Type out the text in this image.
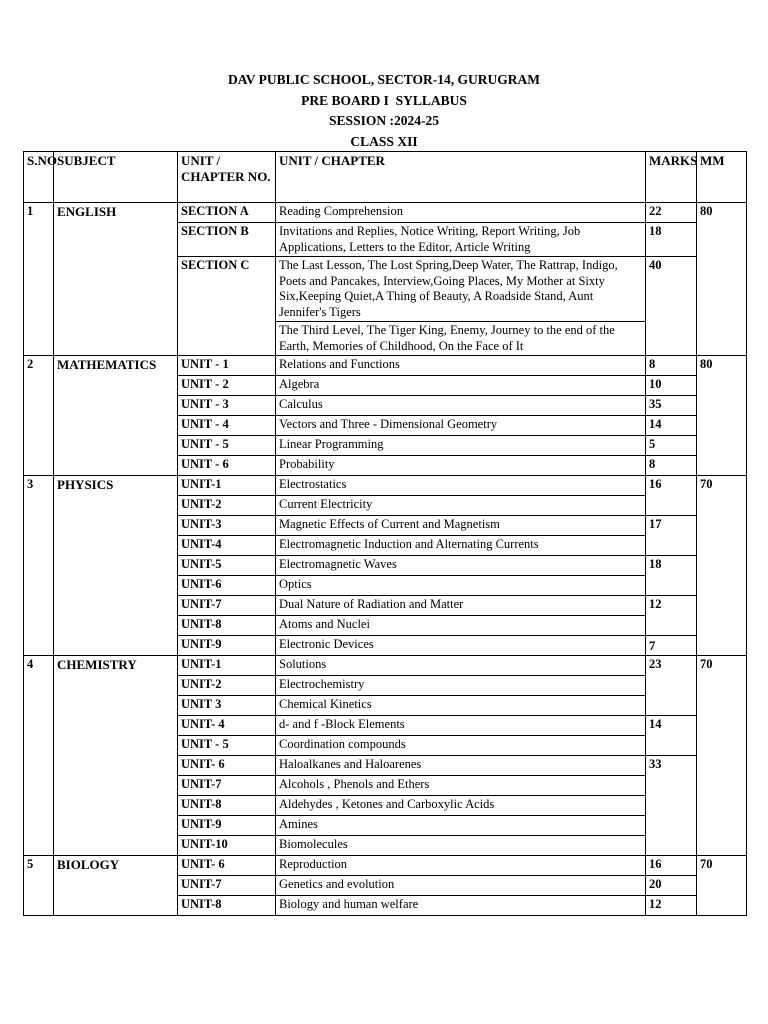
DAV PUBLIC SCHOOL, SECTOR-14, GURUGRAM
PRE BOARD I  SYLLABUS
SESSION :2024-25
CLASS XII
S.NO	SUBJECT	UNIT / CHAPTER NO.	UNIT / CHAPTER	MARKS	MM
1	ENGLISH	SECTION A	Reading Comprehension	22	80
		SECTION B	Invitations and Replies, Notice Writing, Report Writing, Job Applications, Letters to the Editor, Article Writing	18	
		SECTION C	The Last Lesson, The Lost Spring,Deep Water, The Rattrap, Indigo, Poets and Pancakes, Interview,Going Places, My Mother at Sixty Six,Keeping Quiet,A Thing of Beauty, A Roadside Stand, Aunt Jennifer's Tigers	40	
			The Third Level, The Tiger King, Enemy, Journey to the end of the Earth, Memories of Childhood, On the Face of It		
2	MATHEMATICS	UNIT - 1	Relations and Functions	8	80
		UNIT - 2	Algebra	10	
		UNIT - 3	Calculus	35	
		UNIT - 4	Vectors and Three - Dimensional Geometry	14	
		UNIT - 5	Linear Programming	5	
		UNIT - 6	Probability	8	
3	PHYSICS	UNIT-1	Electrostatics	16	70
		UNIT-2	Current Electricity		
		UNIT-3	Magnetic Effects of Current and Magnetism	17	
		UNIT-4	Electromagnetic Induction and Alternating Currents		
		UNIT-5	Electromagnetic Waves	18	
		UNIT-6	Optics		
		UNIT-7	Dual Nature of Radiation and Matter	12	
		UNIT-8	Atoms and Nuclei		
		UNIT-9	Electronic Devices	7	
4	CHEMISTRY	UNIT-1	Solutions	23	70
		UNIT-2	Electrochemistry		
		UNIT 3	Chemical Kinetics		
		UNIT- 4	d- and f -Block Elements	14	
		UNIT - 5	Coordination compounds		
		UNIT- 6	Haloalkanes and Haloarenes	33	
		UNIT-7	Alcohols , Phenols and Ethers		
		UNIT-8	Aldehydes , Ketones and Carboxylic Acids		
		UNIT-9	Amines		
		UNIT-10	Biomolecules		
5	BIOLOGY	UNIT- 6	Reproduction	16	70
		UNIT-7	Genetics and evolution	20	
		UNIT-8	Biology and human welfare	12	
